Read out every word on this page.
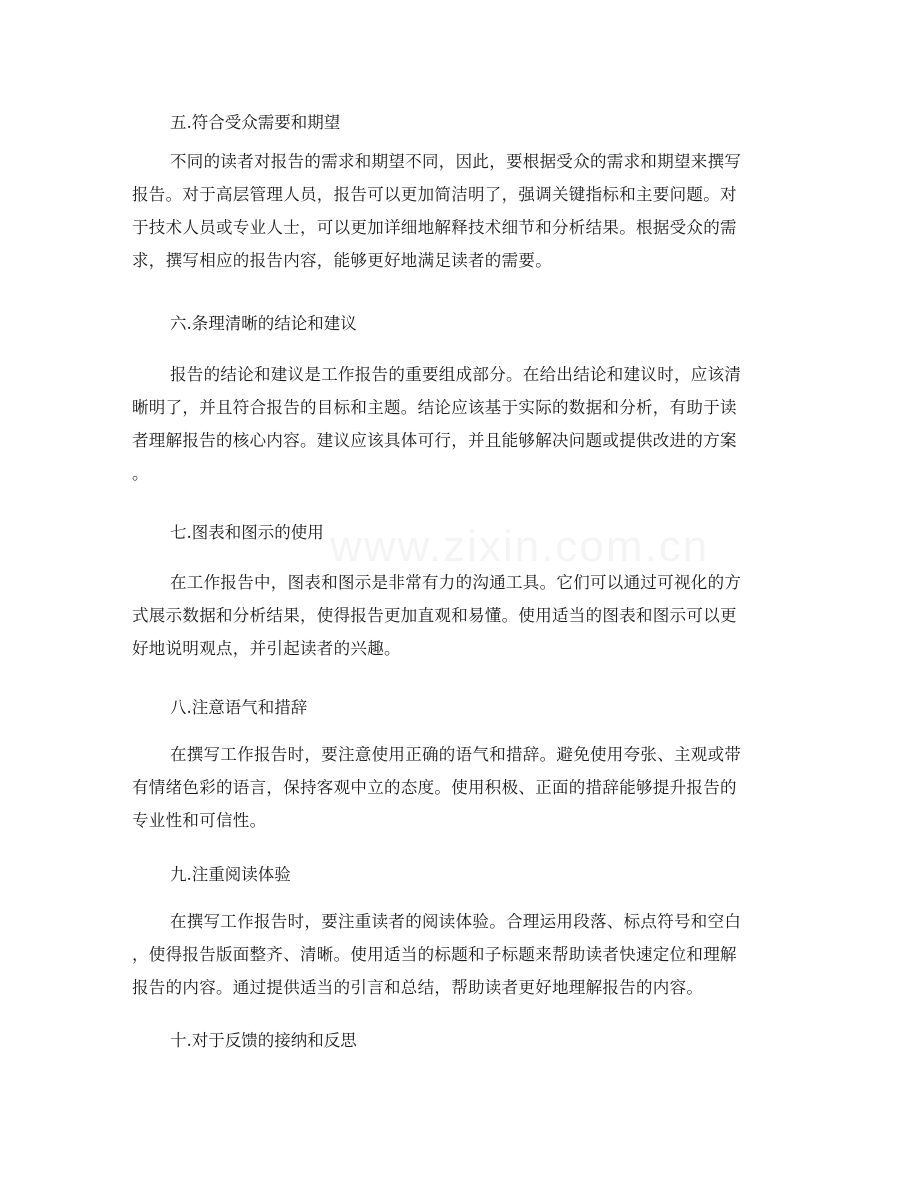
五.符合受众需要和期望
不同的读者对报告的需求和期望不同，因此，要根据受众的需求和期望来撰写
报告。对于高层管理人员，报告可以更加简洁明了，强调关键指标和主要问题。对
于技术人员或专业人士，可以更加详细地解释技术细节和分析结果。根据受众的需
求，撰写相应的报告内容，能够更好地满足读者的需要。
六.条理清晰的结论和建议
报告的结论和建议是工作报告的重要组成部分。在给出结论和建议时，应该清
晰明了，并且符合报告的目标和主题。结论应该基于实际的数据和分析，有助于读
者理解报告的核心内容。建议应该具体可行，并且能够解决问题或提供改进的方案
。
七.图表和图示的使用
在工作报告中，图表和图示是非常有力的沟通工具。它们可以通过可视化的方
式展示数据和分析结果，使得报告更加直观和易懂。使用适当的图表和图示可以更
好地说明观点，并引起读者的兴趣。
八.注意语气和措辞
在撰写工作报告时，要注意使用正确的语气和措辞。避免使用夸张、主观或带
有情绪色彩的语言，保持客观中立的态度。使用积极、正面的措辞能够提升报告的
专业性和可信性。
九.注重阅读体验
在撰写工作报告时，要注重读者的阅读体验。合理运用段落、标点符号和空白
，使得报告版面整齐、清晰。使用适当的标题和子标题来帮助读者快速定位和理解
报告的内容。通过提供适当的引言和总结，帮助读者更好地理解报告的内容。
十.对于反馈的接纳和反思
